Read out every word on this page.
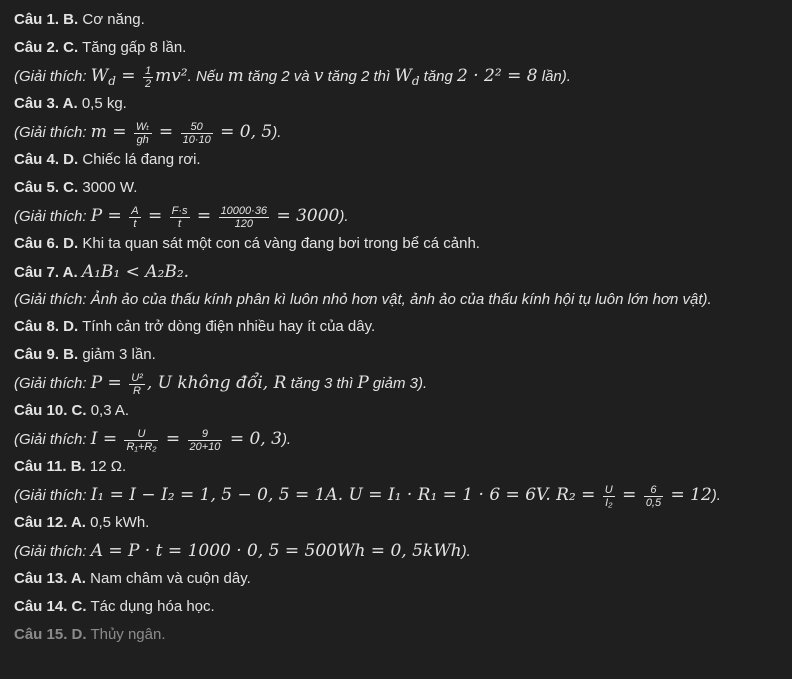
Câu 1. B. Cơ năng.
Câu 2. C. Tăng gấp 8 lần.
(Giải thích: $W_d = \frac{1}{2} mv^2$. Nếu m tăng 2 và v tăng 2 thì $W_d$ tăng 2 · 2² = 8 lần).
Câu 3. A. 0,5 kg.
(Giải thích: $m = \frac{\text{Wₜ}}{gh} = \frac{50}{10\cdot 10} = 0$, 5).
Câu 4. D. Chiếc lá đang rơi.
Câu 5. C. 3000 W.
(Giải thích: $P = \frac{A}{t} = \frac{F\cdot s}{t} = \frac{10000\cdot 36}{120} = 3000$).
Câu 6. D. Khi ta quan sát một con cá vàng đang bơi trong bể cá cảnh.
Câu 7. A. A₁B₁ < A₂B₂.
(Giải thích: Ảnh ảo của thấu kính phân kì luôn nhỏ hơn vật, ảnh ảo của thấu kính hội tụ luôn lớn hơn vật).
Câu 8. D. Tính cản trở dòng điện nhiều hay ít của dây.
Câu 9. B. giảm 3 lần.
(Giải thích: $P = \frac{\text{U²}}{R}$ , U không đổi, R tăng 3 thì P giảm 3).
Câu 10. C. 0,3 A.
(Giải thích: $I = \frac{U}{\text{R₁+R₂}} = \frac{9}{20+10} = 0$, 3).
Câu 11. B. 12 Ω.
(Giải thích: I₁ = I − I₂ = 1, 5 − 0, 5 = 1A. U = I₁ · R₁ = 1 · 6 = 6V. $R_2 = \frac{U}{\text{I₂}} = \frac{6}{0,5} = 12$).
Câu 12. A. 0,5 kWh.
(Giải thích: A = P · t = 1000 · 0, 5 = 500Wh = 0, 5kWh).
Câu 13. A. Nam châm và cuộn dây.
Câu 14. C. Tác dụng hóa học.
Câu 15. D. Thủy ngân.
